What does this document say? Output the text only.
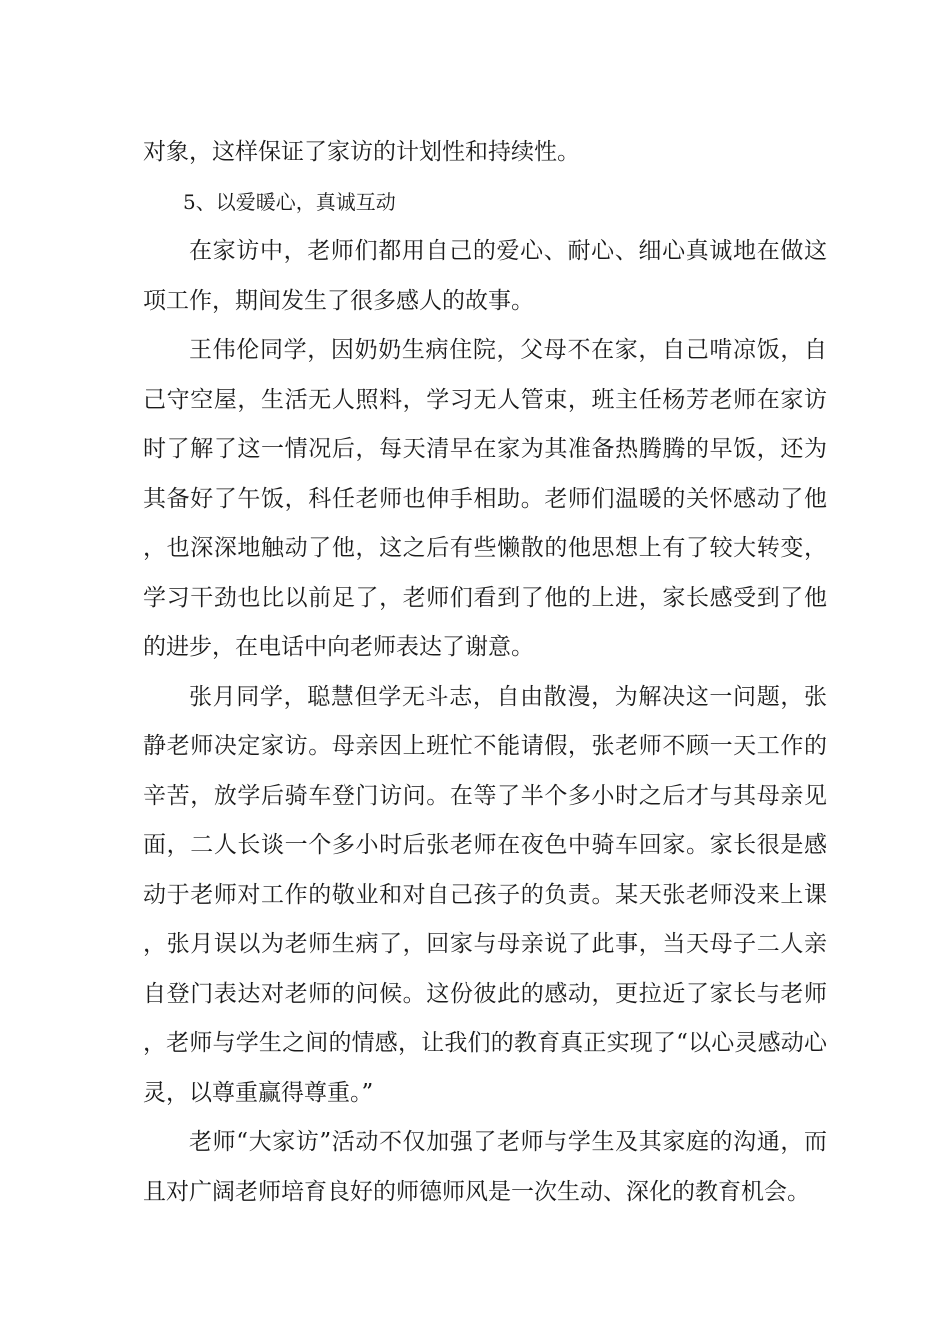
对象，这样保证了家访的计划性和持续性。

5、以爱暖心，真诚互动

在家访中，老师们都用自己的爱心、耐心、细心真诚地在做这项工作，期间发生了很多感人的故事。

王伟伦同学，因奶奶生病住院，父母不在家，自己啃凉饭，自己守空屋，生活无人照料，学习无人管束，班主任杨芳老师在家访时了解了这一情况后，每天清早在家为其准备热腾腾的早饭，还为其备好了午饭，科任老师也伸手相助。老师们温暖的关怀感动了他，也深深地触动了他，这之后有些懒散的他思想上有了较大转变，学习干劲也比以前足了，老师们看到了他的上进，家长感受到了他的进步，在电话中向老师表达了谢意。

张月同学，聪慧但学无斗志，自由散漫，为解决这一问题，张静老师决定家访。母亲因上班忙不能请假，张老师不顾一天工作的辛苦，放学后骑车登门访问。在等了半个多小时之后才与其母亲见面，二人长谈一个多小时后张老师在夜色中骑车回家。家长很是感动于老师对工作的敬业和对自己孩子的负责。某天张老师没来上课，张月误以为老师生病了，回家与母亲说了此事，当天母子二人亲自登门表达对老师的问候。这份彼此的感动，更拉近了家长与老师，老师与学生之间的情感，让我们的教育真正实现了“以心灵感动心灵，以尊重赢得尊重。”

老师“大家访”活动不仅加强了老师与学生及其家庭的沟通，而且对广阔老师培育良好的师德师风是一次生动、深化的教育机会。
